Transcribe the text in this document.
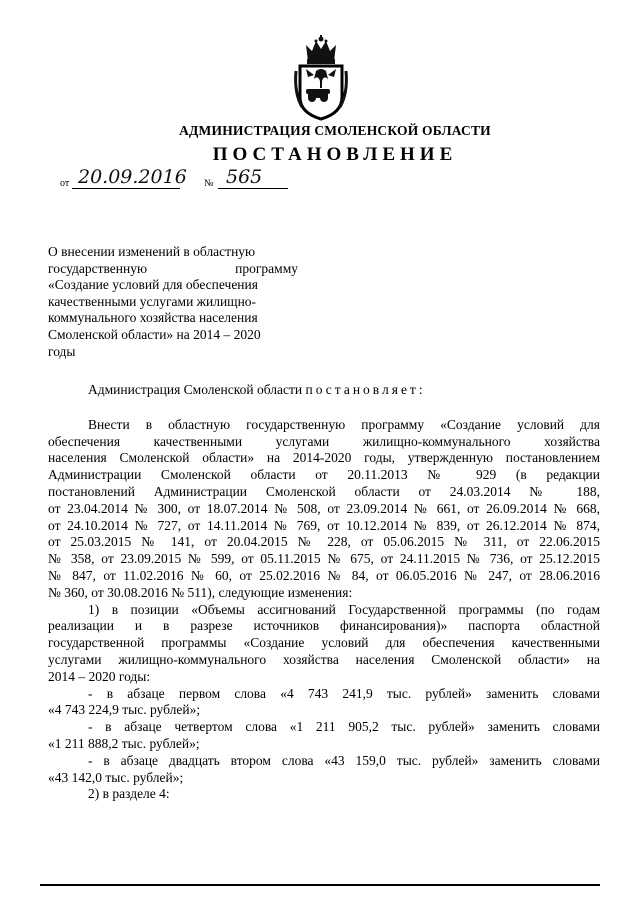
АДМИНИСТРАЦИЯ СМОЛЕНСКОЙ ОБЛАСТИ
ПОСТАНОВЛЕНИЕ
от 20.09.2016 № 565
О внесении изменений в областную
государственную программу
«Создание условий для обеспечения
качественными услугами жилищно-
коммунального хозяйства населения
Смоленской области» на 2014 – 2020
годы
Администрация Смоленской области постановляет:
Внести в областную государственную программу «Создание условий для
обеспечения качественными услугами жилищно-коммунального хозяйства
населения Смоленской области» на 2014-2020 годы, утвержденную постановлением
Администрации Смоленской области от 20.11.2013 № 929 (в редакции
постановлений Администрации Смоленской области от 24.03.2014 № 188,
от 23.04.2014 № 300, от 18.07.2014 № 508, от 23.09.2014 № 661, от 26.09.2014 № 668,
от 24.10.2014 № 727, от 14.11.2014 № 769, от 10.12.2014 № 839, от 26.12.2014 № 874,
от 25.03.2015 № 141, от 20.04.2015 № 228, от 05.06.2015 № 311, от 22.06.2015
№ 358, от 23.09.2015 № 599, от 05.11.2015 № 675, от 24.11.2015 № 736, от 25.12.2015
№ 847, от 11.02.2016 № 60, от 25.02.2016 № 84, от 06.05.2016 № 247, от 28.06.2016
№ 360, от 30.08.2016 № 511), следующие изменения:
1) в позиции «Объемы ассигнований Государственной программы (по годам
реализации и в разрезе источников финансирования)» паспорта областной
государственной программы «Создание условий для обеспечения качественными
услугами жилищно-коммунального хозяйства населения Смоленской области» на
2014 – 2020 годы:
- в абзаце первом слова «4 743 241,9 тыс. рублей» заменить словами
«4 743 224,9 тыс. рублей»;
- в абзаце четвертом слова «1 211 905,2 тыс. рублей» заменить словами
«1 211 888,2 тыс. рублей»;
- в абзаце двадцать втором слова «43 159,0 тыс. рублей» заменить словами
«43 142,0 тыс. рублей»;
2) в разделе 4:
